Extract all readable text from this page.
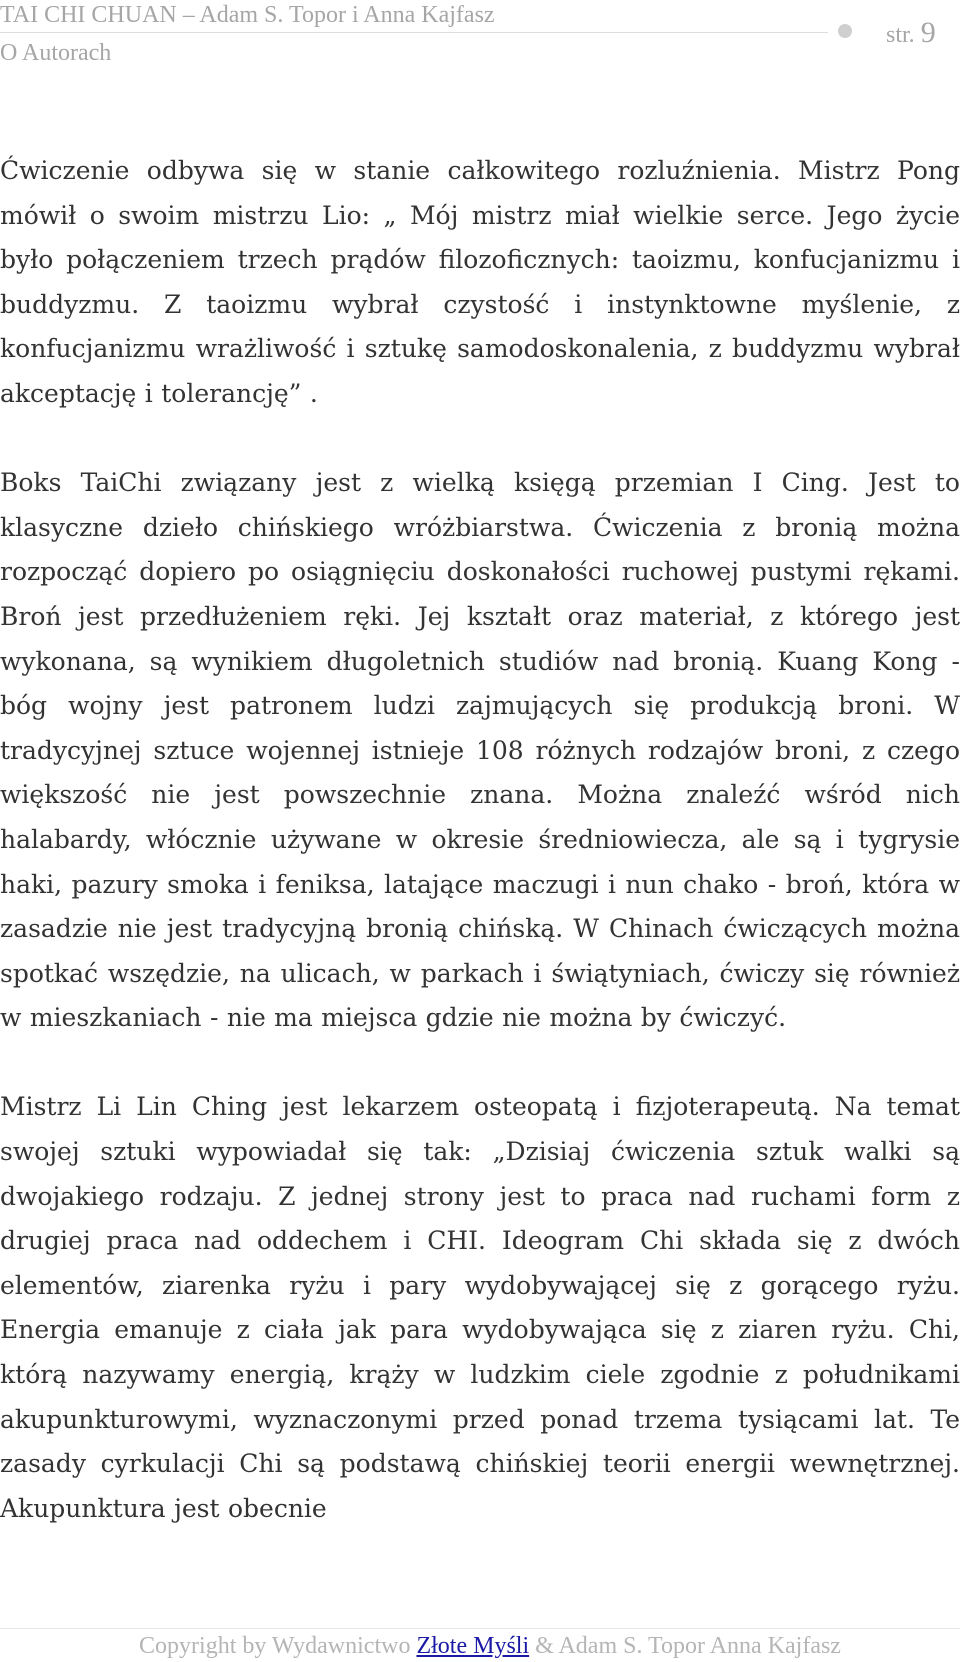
TAI CHI CHUAN – Adam S. Topor i Anna Kajfasz
str. 9
O Autorach

Ćwiczenie odbywa się w stanie całkowitego rozluźnienia. Mistrz Pong mówił o swoim mistrzu Lio: „ Mój mistrz miał wielkie serce. Jego życie było połączeniem trzech prądów filozoficznych: taoizmu, konfucjanizmu i buddyzmu. Z taoizmu wybrał czystość i instynktowne myślenie, z konfucjanizmu wrażliwość i sztukę samodoskonalenia, z buddyzmu wybrał akceptację i tolerancję” .

Boks TaiChi związany jest z wielką księgą przemian I Cing. Jest to klasyczne dzieło chińskiego wróżbiarstwa. Ćwiczenia z bronią można rozpocząć dopiero po osiągnięciu doskonałości ruchowej pustymi rękami. Broń jest przedłużeniem ręki. Jej kształt oraz materiał, z którego jest wykonana, są wynikiem długoletnich studiów nad bronią. Kuang Kong - bóg wojny jest patronem ludzi zajmujących się produkcją broni. W tradycyjnej sztuce wojennej istnieje 108 różnych rodzajów broni, z czego większość nie jest powszechnie znana. Można znaleźć wśród nich halabardy, włócznie używane w okresie średniowiecza, ale są i tygrysie haki, pazury smoka i feniksa, latające maczugi i nun chako - broń, która w zasadzie nie jest tradycyjną bronią chińską. W Chinach ćwiczących można spotkać wszędzie, na ulicach, w parkach i świątyniach, ćwiczy się również w mieszkaniach - nie ma miejsca gdzie nie można by ćwiczyć.

Mistrz Li Lin Ching jest lekarzem osteopatą i fizjoterapeutą. Na temat swojej sztuki wypowiadał się tak: „Dzisiaj ćwiczenia sztuk walki są dwojakiego rodzaju. Z jednej strony jest to praca nad ruchami form z drugiej praca nad oddechem i CHI. Ideogram Chi składa się z dwóch elementów, ziarenka ryżu i pary wydobywającej się z gorącego ryżu. Energia emanuje z ciała jak para wydobywająca się z ziaren ryżu. Chi, którą nazywamy energią, krąży w ludzkim ciele zgodnie z południkami akupunkturowymi, wyznaczonymi przed ponad trzema tysiącami lat. Te zasady cyrkulacji Chi są podstawą chińskiej teorii energii wewnętrznej. Akupunktura jest obecnie

Copyright by Wydawnictwo Złote Myśli & Adam S. Topor Anna Kajfasz
